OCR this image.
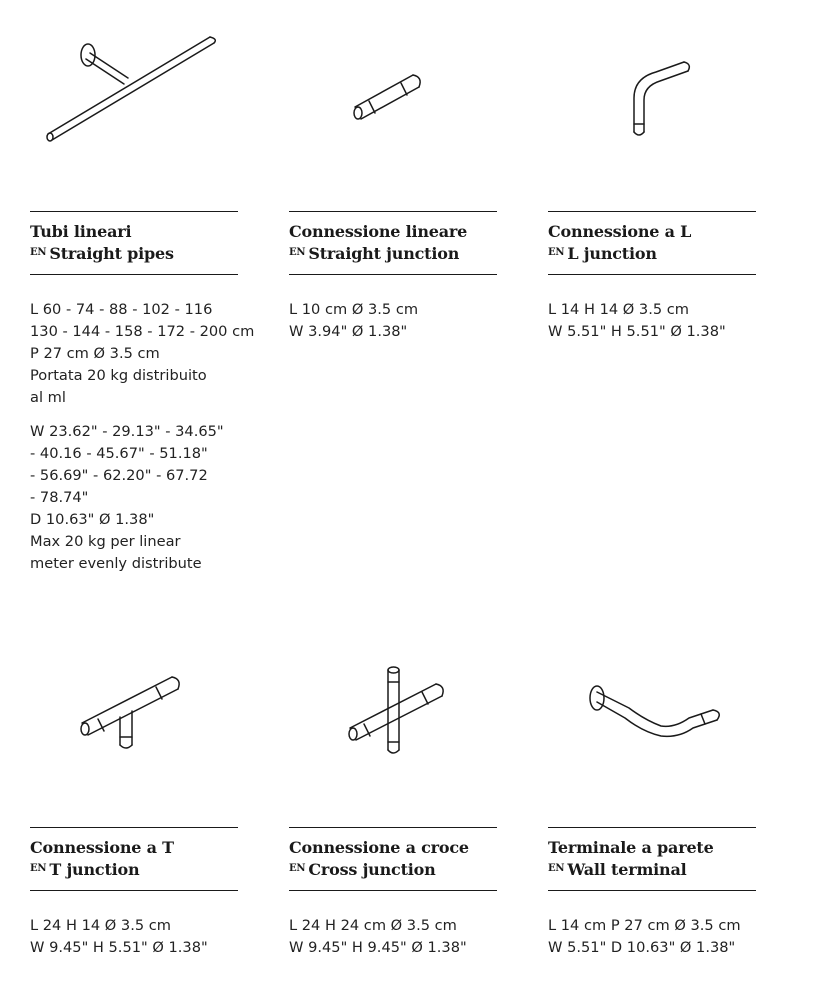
Tubi lineari
$^{EN}$ Straight pipes
L 60 - 74 - 88 - 102 - 116
130 - 144 - 158 - 172 - 200 cm
P 27 cm Ø 3.5 cm
Portata 20 kg distribuito
al ml
W 23.62" - 29.13" - 34.65"
- 40.16 - 45.67" - 51.18"
- 56.69" - 62.20" - 67.72
- 78.74"
D 10.63" Ø 1.38"
Max 20 kg per linear
meter evenly distribute
Connessione lineare
$^{EN}$ Straight junction
L 10 cm Ø 3.5 cm
W 3.94" Ø 1.38"
Connessione a L
$^{EN}$ L junction
L 14 H 14 Ø 3.5 cm
W 5.51" H 5.51" Ø 1.38"
Connessione a T
$^{EN}$ T junction
L 24 H 14 Ø 3.5 cm
W 9.45" H 5.51" Ø 1.38"
Connessione a croce
$^{EN}$ Cross junction
L 24 H 24 cm Ø 3.5 cm
W 9.45" H 9.45" Ø 1.38"
Terminale a parete
$^{EN}$ Wall terminal
L 14 cm P 27 cm Ø 3.5 cm
W 5.51" D 10.63" Ø 1.38"
